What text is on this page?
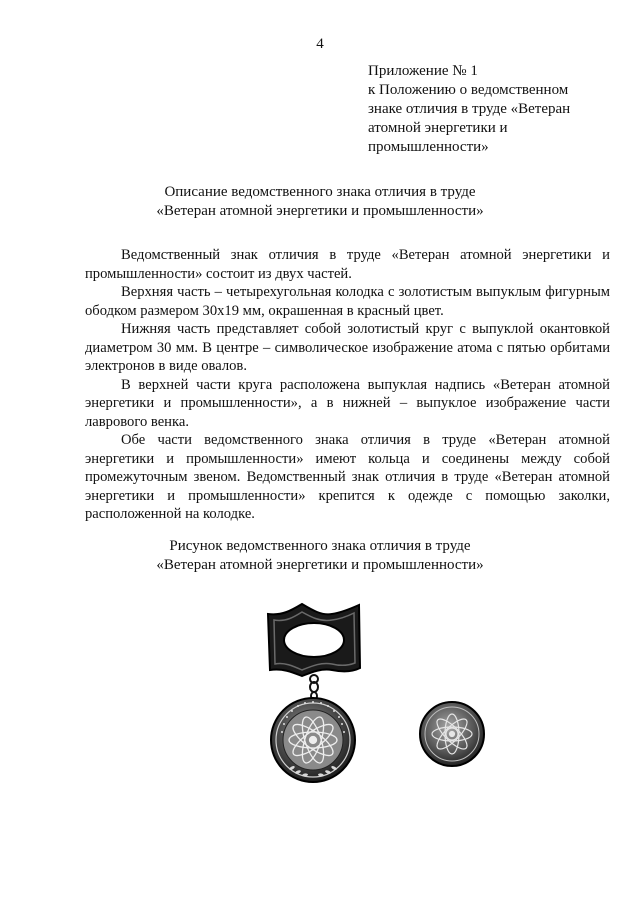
4
Приложение № 1
к Положению о ведомственном
знаке отличия в труде «Ветеран
атомной энергетики и
промышленности»
Описание ведомственного знака отличия в труде
«Ветеран атомной энергетики и промышленности»

Ведомственный знак отличия в труде «Ветеран атомной энергетики и промышленности» состоит из двух частей.

Верхняя часть – четырехугольная колодка с золотистым выпуклым фигурным ободком размером 30х19 мм, окрашенная в красный цвет.

Нижняя часть представляет собой золотистый круг с выпуклой окантовкой диаметром 30 мм. В центре – символическое изображение атома с пятью орбитами электронов в виде овалов.

В верхней части круга расположена выпуклая надпись «Ветеран атомной энергетики и промышленности», а в нижней – выпуклое изображение части лаврового венка.

Обе части ведомственного знака отличия в труде «Ветеран атомной энергетики и промышленности» имеют кольца и соединены между собой промежуточным звеном. Ведомственный знак отличия в труде «Ветеран атомной энергетики и промышленности» крепится к одежде с помощью заколки, расположенной на колодке.

Рисунок ведомственного знака отличия в труде
«Ветеран атомной энергетики и промышленности»
